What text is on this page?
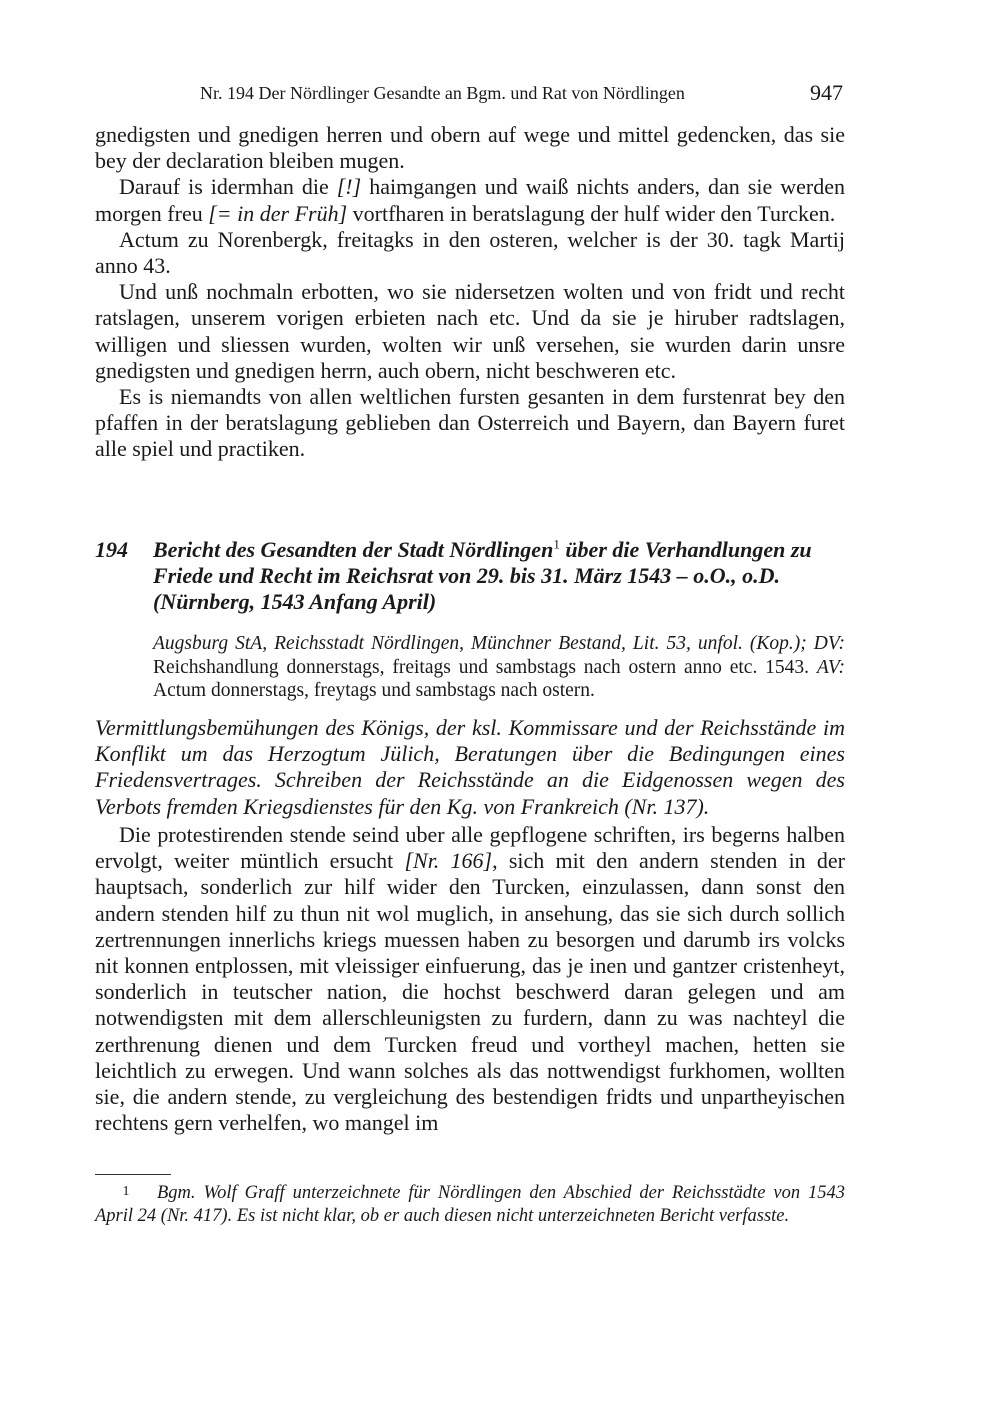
Nr. 194 Der Nördlinger Gesandte an Bgm. und Rat von Nördlingen	947

gnedigsten und gnedigen herren und obern auf wege und mittel gedencken, das sie bey der declaration bleiben mugen.

Darauf is idermhan die [!] haimgangen und waiß nichts anders, dan sie werden morgen freu [= in der Früh] vortfharen in beratslagung der hulf wider den Turcken.

Actum zu Norenbergk, freitagks in den osteren, welcher is der 30. tagk Martij anno 43.

Und unß nochmaln erbotten, wo sie nidersetzen wolten und von fridt und recht ratslagen, unserem vorigen erbieten nach etc. Und da sie je hiruber radtslagen, willigen und sliessen wurden, wolten wir unß versehen, sie wurden darin unsre gnedigsten und gnedigen herrn, auch obern, nicht beschweren etc.

Es is niemandts von allen weltlichen fursten gesanten in dem furstenrat bey den pfaffen in der beratslagung geblieben dan Osterreich und Bayern, dan Bayern furet alle spiel und practiken.

194 Bericht des Gesandten der Stadt Nördlingen$^1$ über die Verhandlungen zu Friede und Recht im Reichsrat von 29. bis 31. März 1543 – o.O., o.D. (Nürnberg, 1543 Anfang April)

Augsburg StA, Reichsstadt Nördlingen, Münchner Bestand, Lit. 53, unfol. (Kop.); DV: Reichshandlung donnerstags, freitags und sambstags nach ostern anno etc. 1543. AV: Actum donnerstags, freytags und sambstags nach ostern.

Vermittlungsbemühungen des Königs, der ksl. Kommissare und der Reichsstände im Konflikt um das Herzogtum Jülich, Beratungen über die Bedingungen eines Friedensvertrages. Schreiben der Reichsstände an die Eidgenossen wegen des Verbots fremden Kriegsdienstes für den Kg. von Frankreich (Nr. 137).

Die protestirenden stende seind uber alle gepflogene schriften, irs begerns halben ervolgt, weiter müntlich ersucht [Nr. 166], sich mit den andern stenden in der hauptsach, sonderlich zur hilf wider den Turcken, einzulassen, dann sonst den andern stenden hilf zu thun nit wol muglich, in ansehung, das sie sich durch sollich zertrennungen innerlichs kriegs muessen haben zu besorgen und darumb irs volcks nit konnen entplossen, mit vleissiger einfuerung, das je inen und gantzer cristenheyt, sonderlich in teutscher nation, die hochst beschwerd daran gelegen und am notwendigsten mit dem allerschleunigsten zu furdern, dann zu was nachteyl die zerthrenung dienen und dem Turcken freud und vortheyl machen, hetten sie leichtlich zu erwegen. Und wann solches als das nottwendigst furkhomen, wollten sie, die andern stende, zu vergleichung des bestendigen fridts und unpartheyischen rechtens gern verhelfen, wo mangel im

1 Bgm. Wolf Graff unterzeichnete für Nördlingen den Abschied der Reichsstädte von 1543 April 24 (Nr. 417). Es ist nicht klar, ob er auch diesen nicht unterzeichneten Bericht verfasste.
